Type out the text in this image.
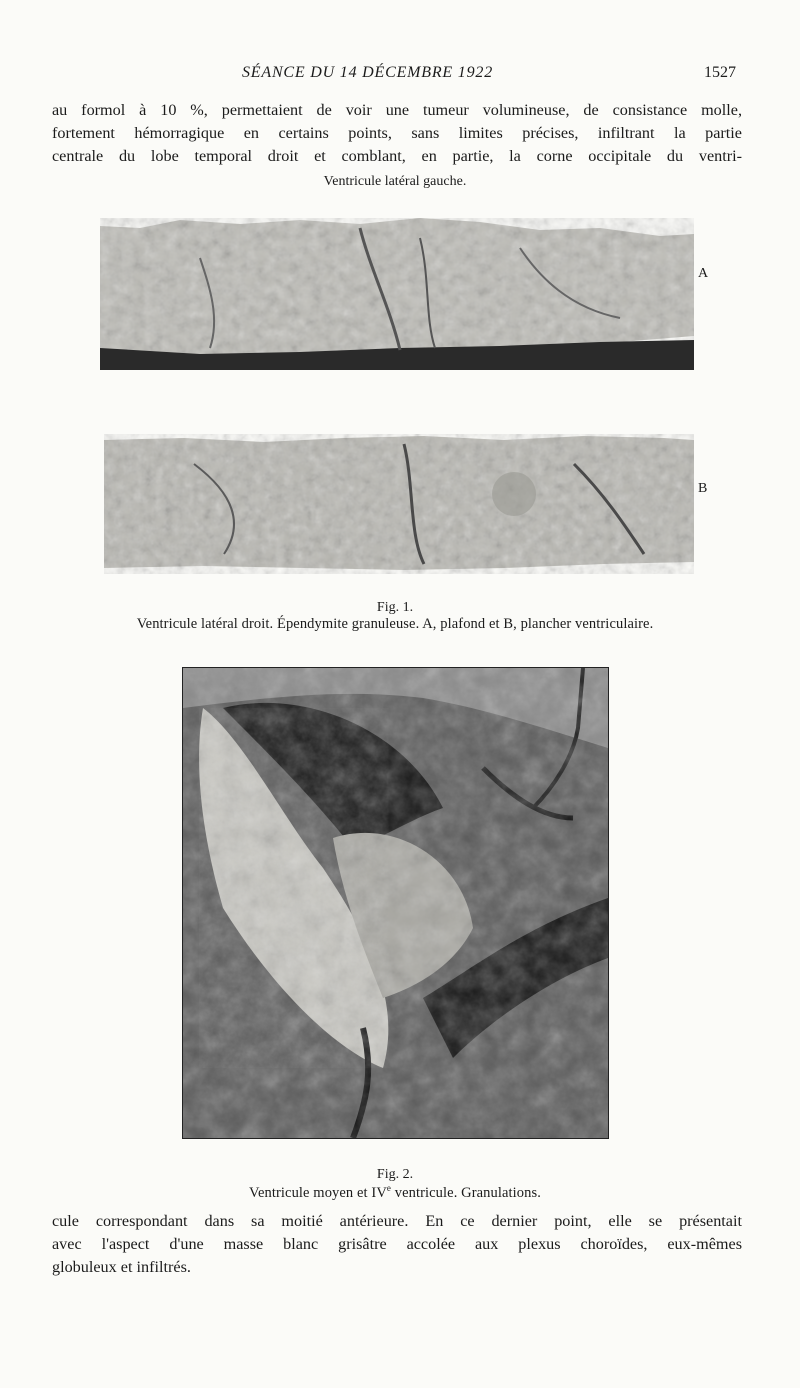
SÉANCE DU 14 DÉCEMBRE 1922	1527
au formol à 10 %, permettaient de voir une tumeur volumineuse, de consistance molle,
fortement hémorragique en certains points, sans limites précises, infiltrant la partie
centrale du lobe temporal droit et comblant, en partie, la corne occipitale du ventri-
Ventricule latéral gauche.
A
B
Fig. 1.
Ventricule latéral droit. Épendymite granuleuse. A, plafond et B, plancher ventriculaire.
Fig. 2.
Ventricule moyen et IVe ventricule. Granulations.
cule correspondant dans sa moitié antérieure. En ce dernier point, elle se présentait
avec l'aspect d'une masse blanc grisâtre accolée aux plexus choroïdes, eux-mêmes
globuleux et infiltrés.
